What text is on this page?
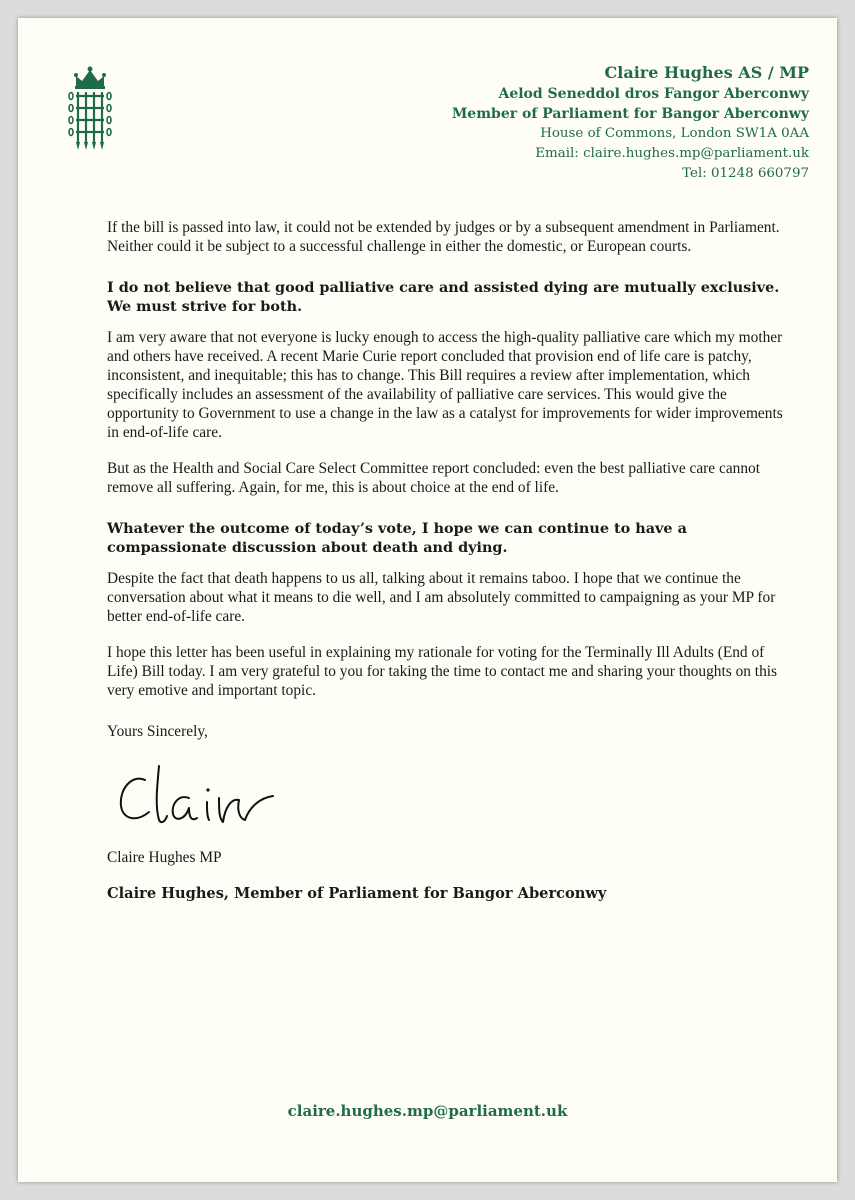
Claire Hughes AS / MP
Aelod Seneddol dros Fangor Aberconwy
Member of Parliament for Bangor Aberconwy
House of Commons, London SW1A 0AA
Email: claire.hughes.mp@parliament.uk
Tel: 01248 660797

If the bill is passed into law, it could not be extended by judges or by a subsequent amendment in Parliament. Neither could it be subject to a successful challenge in either the domestic, or European courts.

I do not believe that good palliative care and assisted dying are mutually exclusive. We must strive for both.

I am very aware that not everyone is lucky enough to access the high-quality palliative care which my mother and others have received. A recent Marie Curie report concluded that provision end of life care is patchy, inconsistent, and inequitable; this has to change. This Bill requires a review after implementation, which specifically includes an assessment of the availability of palliative care services. This would give the opportunity to Government to use a change in the law as a catalyst for improvements for wider improvements in end-of-life care.

But as the Health and Social Care Select Committee report concluded: even the best palliative care cannot remove all suffering. Again, for me, this is about choice at the end of life.

Whatever the outcome of today’s vote, I hope we can continue to have a compassionate discussion about death and dying.

Despite the fact that death happens to us all, talking about it remains taboo. I hope that we continue the conversation about what it means to die well, and I am absolutely committed to campaigning as your MP for better end-of-life care.

I hope this letter has been useful in explaining my rationale for voting for the Terminally Ill Adults (End of Life) Bill today. I am very grateful to you for taking the time to contact me and sharing your thoughts on this very emotive and important topic.

Yours Sincerely,

Claire Hughes MP

Claire Hughes, Member of Parliament for Bangor Aberconwy
claire.hughes.mp@parliament.uk
